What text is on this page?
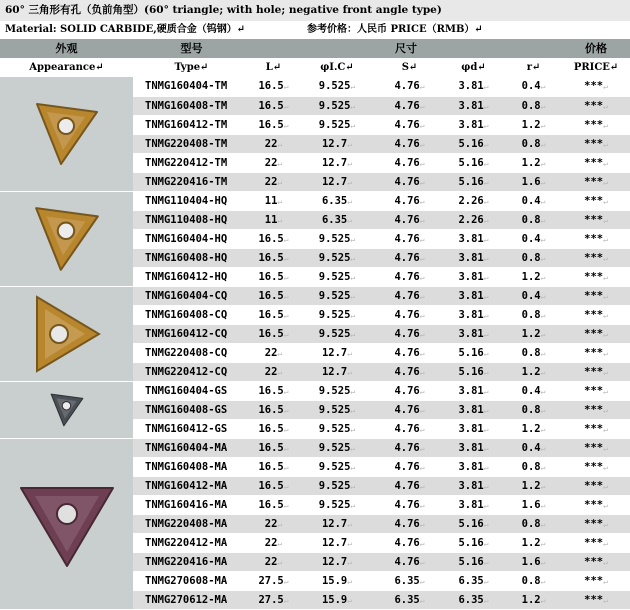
60° 三角形有孔（负前角型）(60° triangle; with hole; negative front angle type)
Material: SOLID CARBIDE,硬质合金（钨钢）↵	参考价格：人民币 PRICE（RMB）↵
外观	型号	尺寸					价格
Appearance↵	Type↵	L↵	φI.C↵	S↵	φd↵	r↵	PRICE↵

	TNMG160404-TM	16.5↵	9.525↵	4.76↵	3.81↵	0.4↵	***↵
	TNMG160408-TM	16.5↵	9.525↵	4.76↵	3.81↵	0.8↵	***↵
	TNMG160412-TM	16.5↵	9.525↵	4.76↵	3.81↵	1.2↵	***↵
	TNMG220408-TM	22↵	12.7↵	4.76↵	5.16↵	0.8↵	***↵
	TNMG220412-TM	22↵	12.7↵	4.76↵	5.16↵	1.2↵	***↵
	TNMG220416-TM	22↵	12.7↵	4.76↵	5.16↵	1.6↵	***↵

	TNMG110404-HQ	11↵	6.35↵	4.76↵	2.26↵	0.4↵	***↵
	TNMG110408-HQ	11↵	6.35↵	4.76↵	2.26↵	0.8↵	***↵
	TNMG160404-HQ	16.5↵	9.525↵	4.76↵	3.81↵	0.4↵	***↵
	TNMG160408-HQ	16.5↵	9.525↵	4.76↵	3.81↵	0.8↵	***↵
	TNMG160412-HQ	16.5↵	9.525↵	4.76↵	3.81↵	1.2↵	***↵

	TNMG160404-CQ	16.5↵	9.525↵	4.76↵	3.81↵	0.4↵	***↵
	TNMG160408-CQ	16.5↵	9.525↵	4.76↵	3.81↵	0.8↵	***↵
	TNMG160412-CQ	16.5↵	9.525↵	4.76↵	3.81↵	1.2↵	***↵
	TNMG220408-CQ	22↵	12.7↵	4.76↵	5.16↵	0.8↵	***↵
	TNMG220412-CQ	22↵	12.7↵	4.76↵	5.16↵	1.2↵	***↵

	TNMG160404-GS	16.5↵	9.525↵	4.76↵	3.81↵	0.4↵	***↵
	TNMG160408-GS	16.5↵	9.525↵	4.76↵	3.81↵	0.8↵	***↵
	TNMG160412-GS	16.5↵	9.525↵	4.76↵	3.81↵	1.2↵	***↵

	TNMG160404-MA	16.5↵	9.525↵	4.76↵	3.81↵	0.4↵	***↵
	TNMG160408-MA	16.5↵	9.525↵	4.76↵	3.81↵	0.8↵	***↵
	TNMG160412-MA	16.5↵	9.525↵	4.76↵	3.81↵	1.2↵	***↵
	TNMG160416-MA	16.5↵	9.525↵	4.76↵	3.81↵	1.6↵	***↵
	TNMG220408-MA	22↵	12.7↵	4.76↵	5.16↵	0.8↵	***↵
	TNMG220412-MA	22↵	12.7↵	4.76↵	5.16↵	1.2↵	***↵
	TNMG220416-MA	22↵	12.7↵	4.76↵	5.16↵	1.6↵	***↵
	TNMG270608-MA	27.5↵	15.9↵	6.35↵	6.35↵	0.8↵	***↵
	TNMG270612-MA	27.5↵	15.9↵	6.35↵	6.35↵	1.2↵	***↵
